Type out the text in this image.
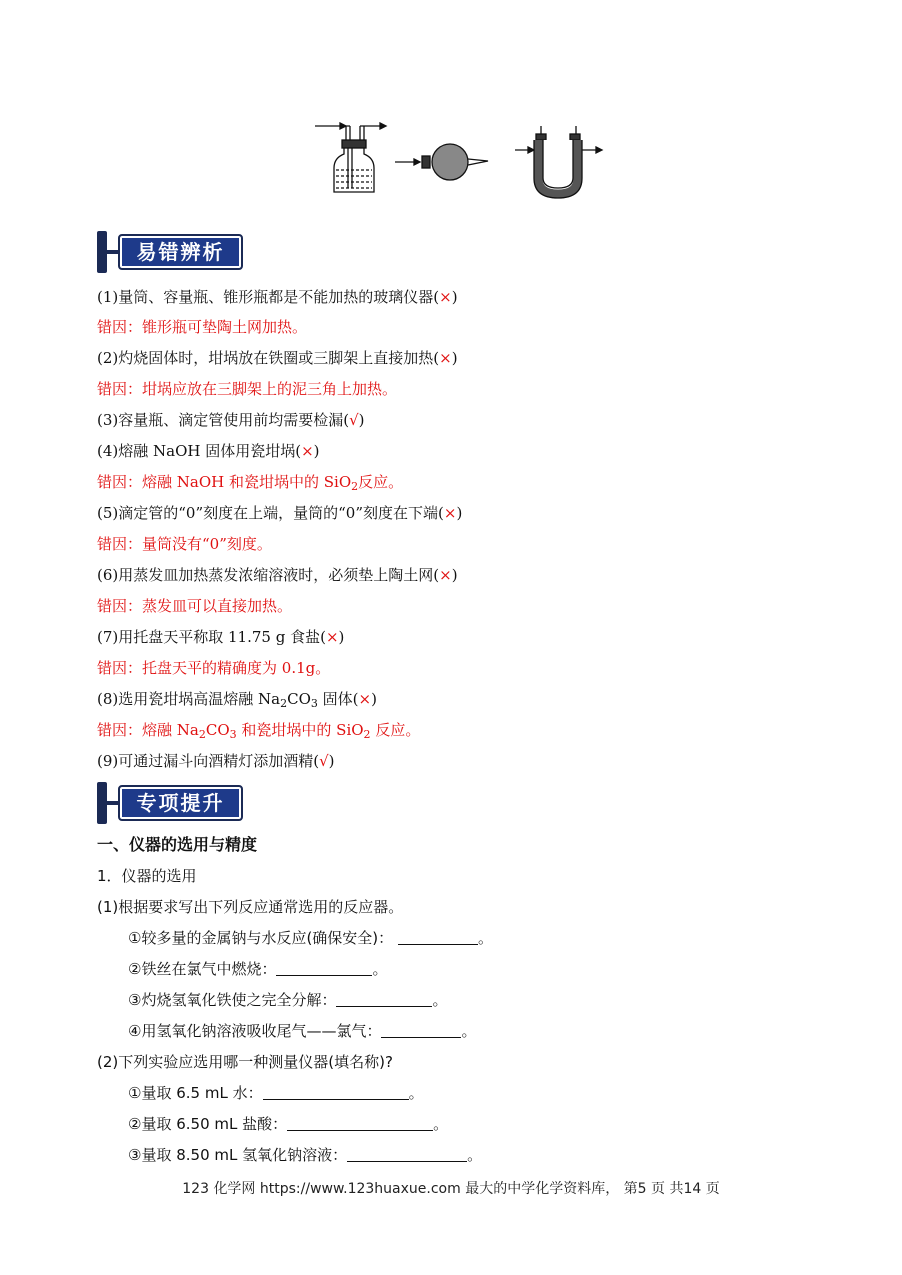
易错辨析
(1)量筒、容量瓶、锥形瓶都是不能加热的玻璃仪器(×)
错因：锥形瓶可垫陶土网加热。
(2)灼烧固体时，坩埚放在铁圈或三脚架上直接加热(×)
错因：坩埚应放在三脚架上的泥三角上加热。
(3)容量瓶、滴定管使用前均需要检漏(√)
(4)熔融 NaOH 固体用瓷坩埚(×)
错因：熔融 NaOH 和瓷坩埚中的 SiO$_2$反应。
(5)滴定管的“0”刻度在上端，量筒的“0”刻度在下端(×)
错因：量筒没有“0”刻度。
(6)用蒸发皿加热蒸发浓缩溶液时，必须垫上陶土网(×)
错因：蒸发皿可以直接加热。
(7)用托盘天平称取 11.75 g 食盐(×)
错因：托盘天平的精确度为 0.1g。
(8)选用瓷坩埚高温熔融 $Na_2CO_3$ 固体(×)
错因：熔融 $Na_2CO_3$ 和瓷坩埚中的 SiO$_2$ 反应。
(9)可通过漏斗向酒精灯添加酒精(√)
专项提升
一、仪器的选用与精度
1．仪器的选用
(1)根据要求写出下列反应通常选用的反应器。
①较多量的金属钠与水反应(确保安全)：	。
②铁丝在氯气中燃烧：	。
③灼烧氢氧化铁使之完全分解：	。
④用氢氧化钠溶液吸收尾气——氯气：	。
(2)下列实验应选用哪一种测量仪器(填名称)?
①量取 6.5 mL 水：	。
②量取 6.50 mL 盐酸：	。
③量取 8.50 mL 氢氧化钠溶液：	。
123 化学网 https://www.123huaxue.com 最大的中学化学资料库， 第5 页 共14 页
